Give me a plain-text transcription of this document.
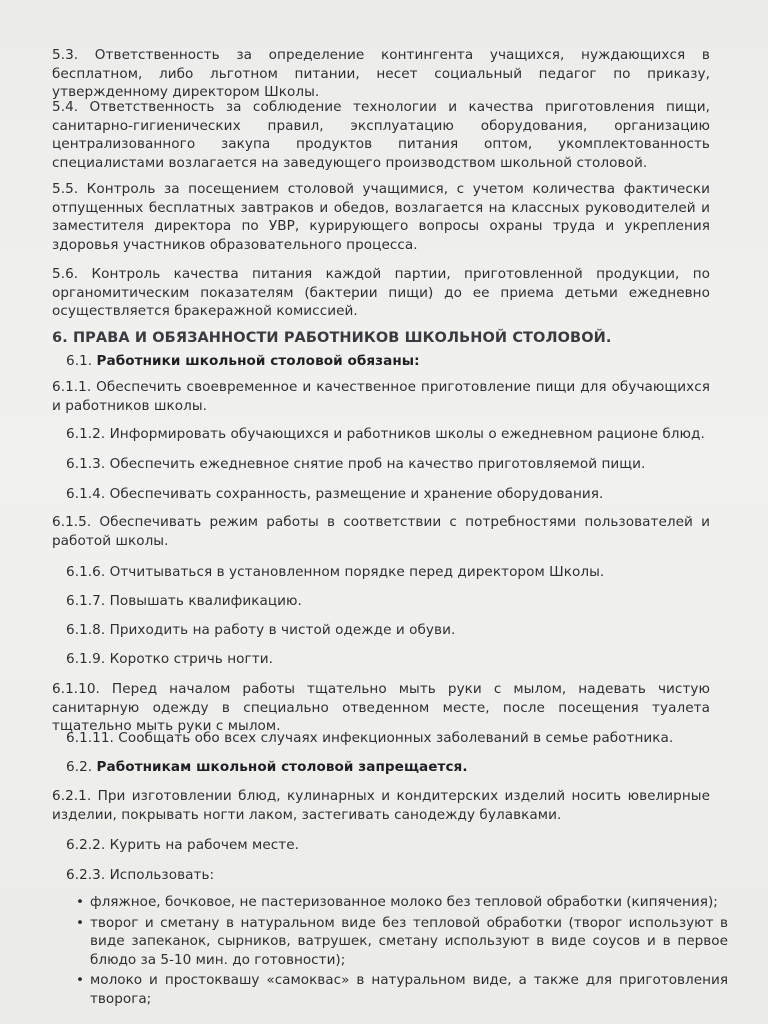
5.3. Ответственность за определение контингента учащихся, нуждающихся в бесплатном, либо льготном питании, несет социальный педагог по приказу, утвержденному директором Школы.

5.4. Ответственность за соблюдение технологии и качества приготовления пищи, санитарно-гигиенических правил, эксплуатацию оборудования, организацию централизованного закупа продуктов питания оптом, укомплектованность специалистами возлагается на заведующего производством школьной столовой.

5.5. Контроль за посещением столовой учащимися, с учетом количества фактически отпущенных бесплатных завтраков и обедов, возлагается на классных руководителей и заместителя директора по УВР, курирующего вопросы охраны труда и укрепления здоровья участников образовательного процесса.

5.6. Контроль качества питания каждой партии, приготовленной продукции, по органомитическим показателям (бактерии пищи) до ее приема детьми ежедневно осуществляется бракеражной комиссией.

6. ПРАВА И ОБЯЗАННОСТИ РАБОТНИКОВ ШКОЛЬНОЙ СТОЛОВОЙ.

6.1. Работники школьной столовой обязаны:

6.1.1. Обеспечить своевременное и качественное приготовление пищи для обучающихся и работников школы.

6.1.2. Информировать обучающихся и работников школы о ежедневном рационе блюд.

6.1.3. Обеспечить ежедневное снятие проб на качество приготовляемой пищи.

6.1.4. Обеспечивать сохранность, размещение и хранение оборудования.

6.1.5. Обеспечивать режим работы в соответствии с потребностями пользователей и работой школы.

6.1.6. Отчитываться в установленном порядке перед директором Школы.

6.1.7. Повышать квалификацию.

6.1.8. Приходить на работу в чистой одежде и обуви.

6.1.9. Коротко стричь ногти.

6.1.10. Перед началом работы тщательно мыть руки с мылом, надевать чистую санитарную одежду в специально отведенном месте, после посещения туалета тщательно мыть руки с мылом.

6.1.11. Сообщать обо всех случаях инфекционных заболеваний в семье работника.

6.2. Работникам школьной столовой запрещается.

6.2.1. При изготовлении блюд, кулинарных и кондитерских изделий носить ювелирные изделии, покрывать ногти лаком, застегивать санодежду булавками.

6.2.2. Курить на рабочем месте.

6.2.3. Использовать:

• фляжное, бочковое, не пастеризованное молоко без тепловой обработки (кипячения);
• творог и сметану в натуральном виде без тепловой обработки (творог используют в виде запеканок, сырников, ватрушек, сметану используют в виде соусов и в первое блюдо за 5-10 мин. до готовности);
• молоко и простоквашу «самоквас» в натуральном виде, а также для приготовления творога;
